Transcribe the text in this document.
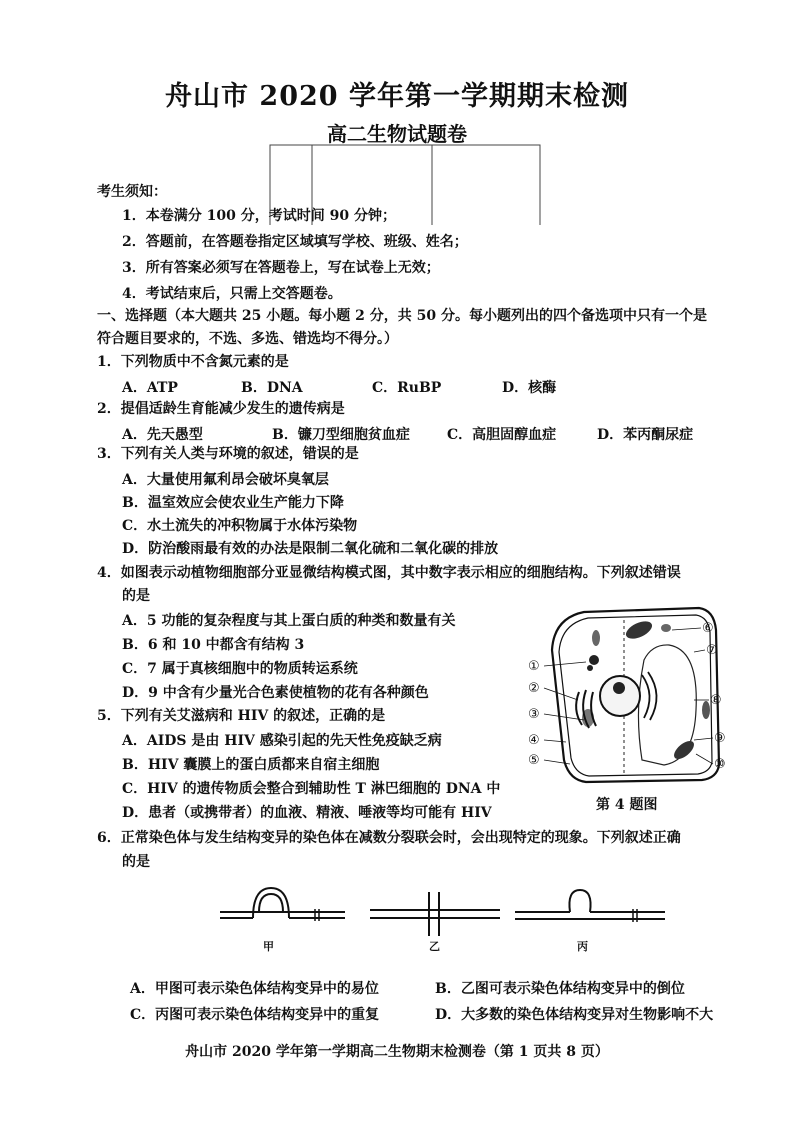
舟山市 2020 学年第一学期期末检测
高二生物试题卷
考生须知：
1．本卷满分 100 分，考试时间 90 分钟；
2．答题前，在答题卷指定区域填写学校、班级、姓名；
3．所有答案必须写在答题卷上，写在试卷上无效；
4．考试结束后，只需上交答题卷。
一、选择题（本大题共 25 小题。每小题 2 分，共 50 分。每小题列出的四个备选项中只有一个是
符合题目要求的，不选、多选、错选均不得分。）
1．下列物质中不含氮元素的是
A．ATP	B．DNA	C．RuBP	D．核酶
2．提倡适龄生育能减少发生的遗传病是
A．先天愚型	B．镰刀型细胞贫血症	C．高胆固醇血症	D．苯丙酮尿症
3．下列有关人类与环境的叙述，错误的是
A．大量使用氟利昂会破坏臭氧层
B．温室效应会使农业生产能力下降
C．水土流失的冲积物属于水体污染物
D．防治酸雨最有效的办法是限制二氧化硫和二氧化碳的排放
4．如图表示动植物细胞部分亚显微结构模式图，其中数字表示相应的细胞结构。下列叙述错误
的是
A．5 功能的复杂程度与其上蛋白质的种类和数量有关
B．6 和 10 中都含有结构 3
C．7 属于真核细胞中的物质转运系统
D．9 中含有少量光合色素使植物的花有各种颜色
①
②
③
④
⑤
⑥
⑦
⑧
⑨
⑩
第 4 题图
5．下列有关艾滋病和 HIV 的叙述，正确的是
A．AIDS 是由 HIV 感染引起的先天性免疫缺乏病
B．HIV 囊膜上的蛋白质都来自宿主细胞
C．HIV 的遗传物质会整合到辅助性 T 淋巴细胞的 DNA 中
D．患者（或携带者）的血液、精液、唾液等均可能有 HIV
6．正常染色体与发生结构变异的染色体在减数分裂联会时，会出现特定的现象。下列叙述正确
的是
甲	乙	丙
A．甲图可表示染色体结构变异中的易位	B．乙图可表示染色体结构变异中的倒位
C．丙图可表示染色体结构变异中的重复	D．大多数的染色体结构变异对生物影响不大
舟山市 2020 学年第一学期高二生物期末检测卷（第 1 页共 8 页）
